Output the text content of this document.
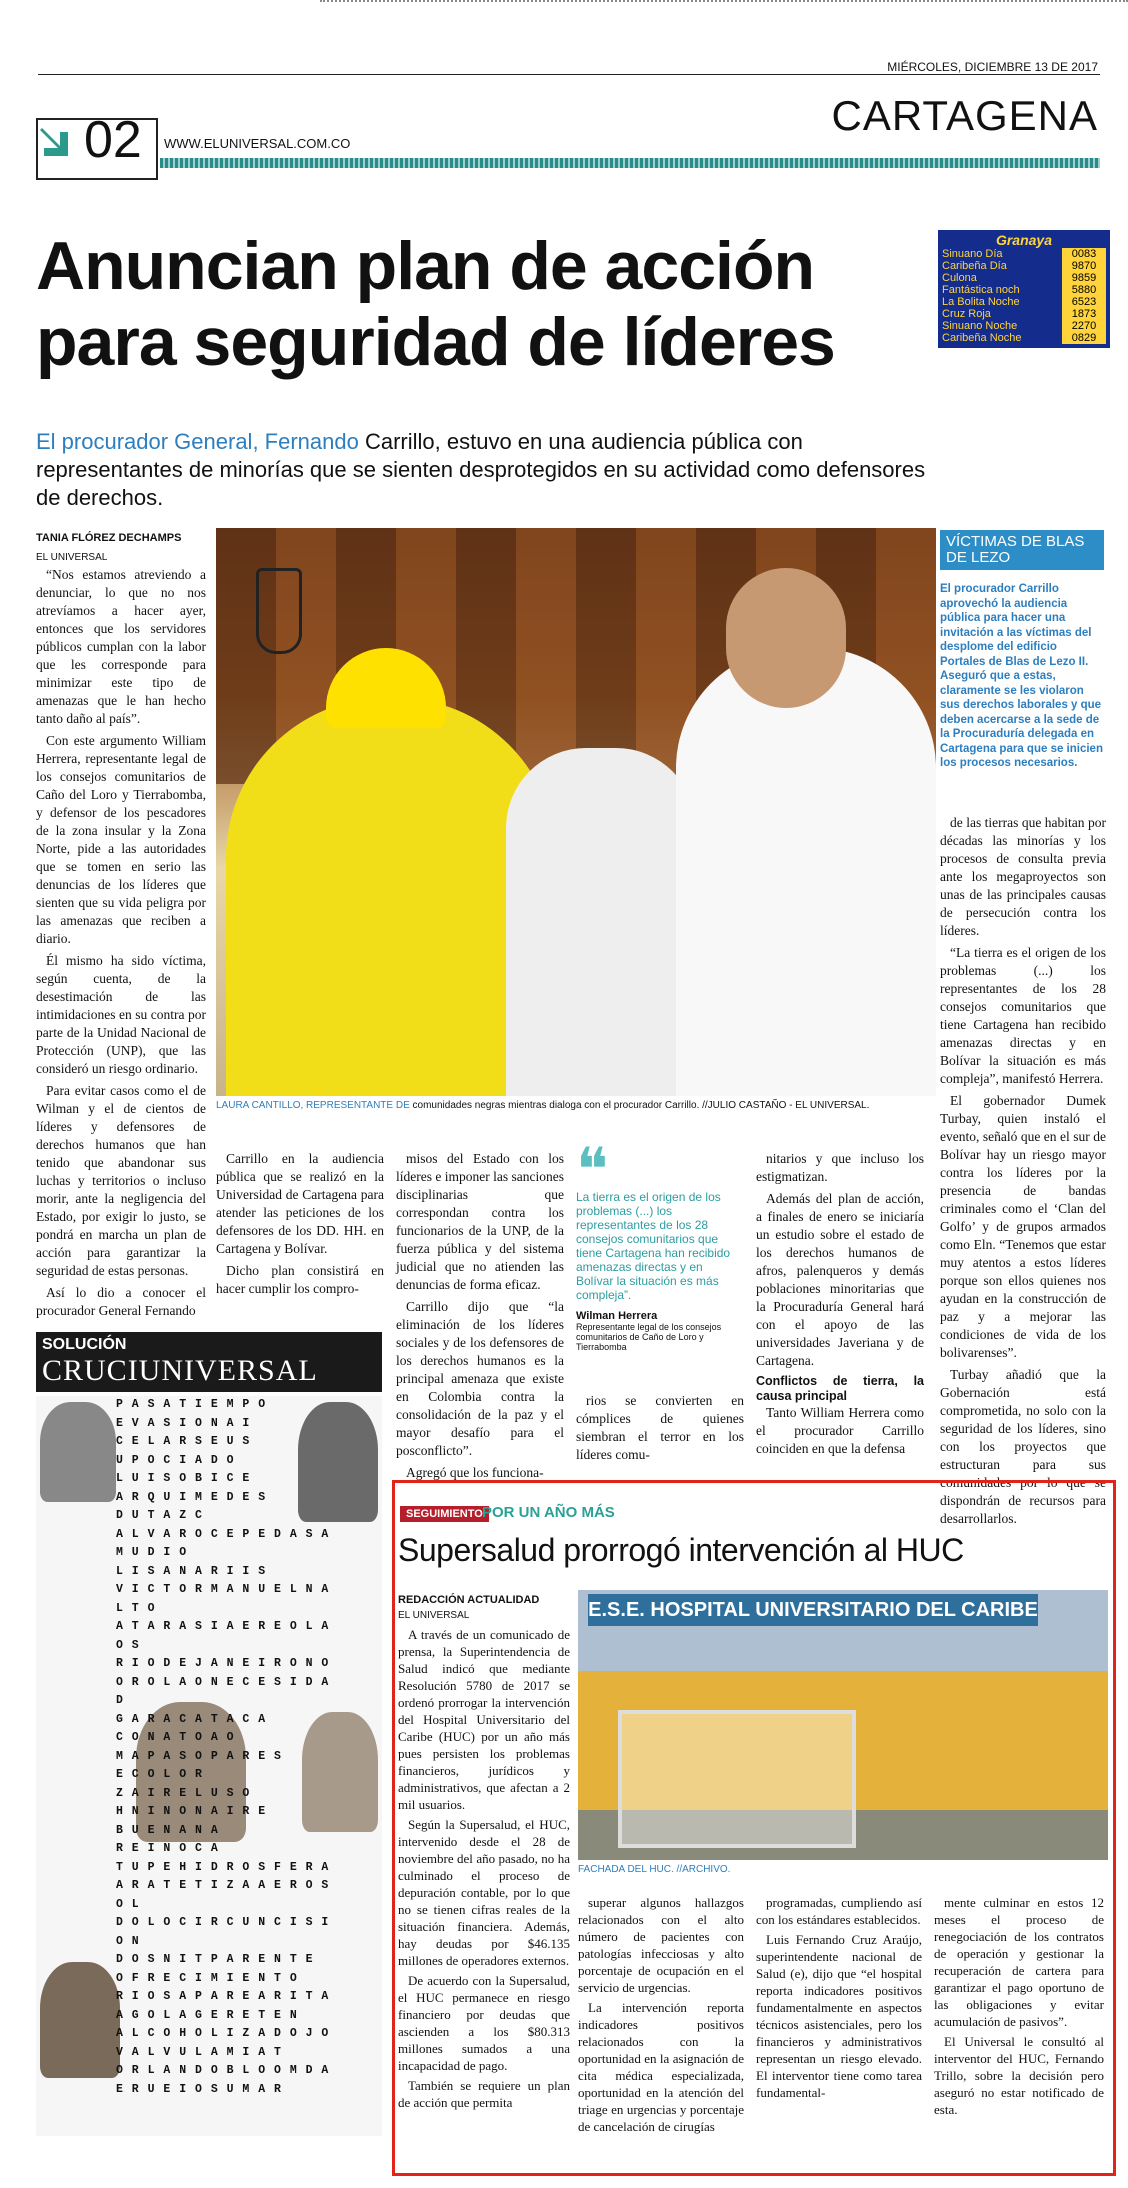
MIÉRCOLES, DICIEMBRE 13 DE 2017
CARTAGENA
02 WWW.ELUNIVERSAL.COM.CO
Anuncian plan de acción
para seguridad de líderes
Granaya
Sinuano Día	0083
Caribeña Día	9870
Culona	9859
Fantástica noch	5880
La Bolita Noche	6523
Cruz Roja	1873
Sinuano Noche	2270
Caribeña Noche	0829
El procurador General, Fernando Carrillo, estuvo en una audiencia pública con representantes de minorías que se sienten desprotegidos en su actividad como defensores de derechos.
TANIA FLÓREZ DECHAMPS
EL UNIVERSAL

“Nos estamos atreviendo a denunciar, lo que no nos atrevíamos a hacer ayer, entonces que los servidores públicos cumplan con la labor que les corresponde para minimizar este tipo de amenazas que le han hecho tanto daño al país”.

Con este argumento William Herrera, representante legal de los consejos comunitarios de Caño del Loro y Tierrabomba, y defensor de los pescadores de la zona insular y la Zona Norte, pide a las autoridades que se tomen en serio las denuncias de los líderes que sienten que su vida peligra por las amenazas que reciben a diario.

Él mismo ha sido víctima, según cuenta, de la desestimación de las intimidaciones en su contra por parte de la Unidad Nacional de Protección (UNP), que las consideró un riesgo ordinario.

Para evitar casos como el de Wilman y el de cientos de líderes y defensores de derechos humanos que han tenido que abandonar sus luchas y territorios o incluso morir, ante la negligencia del Estado, por exigir lo justo, se pondrá en marcha un plan de acción para garantizar la seguridad de estas personas.

Así lo dio a conocer el procurador General Fernando

LAURA CANTILLO, REPRESENTANTE DE comunidades negras mientras dialoga con el procurador Carrillo. //JULIO CASTAÑO - EL UNIVERSAL.
VÍCTIMAS DE BLAS DE LEZO
El procurador Carrillo aprovechó la audiencia pública para hacer una invitación a las víctimas del desplome del edificio Portales de Blas de Lezo II. Aseguró que a estas, claramente se les violaron sus derechos laborales y que deben acercarse a la sede de la Procuraduría delegada en Cartagena para que se inicien los procesos necesarios.

Carrillo en la audiencia pública que se realizó en la Universidad de Cartagena para atender las peticiones de los defensores de los DD. HH. en Cartagena y Bolívar.

Dicho plan consistirá en hacer cumplir los compro-

misos del Estado con los líderes e imponer las sanciones disciplinarias que correspondan contra los funcionarios de la UNP, de la fuerza pública y del sistema judicial que no atienden las denuncias de forma eficaz.

Carrillo dijo que “la eliminación de los líderes sociales y de los defensores de los derechos humanos es la principal amenaza que existe en Colombia contra la consolidación de la paz y el mayor desafío para el posconflicto”.

Agregó que los funciona-

❝
La tierra es el origen de los problemas (...) los representantes de los 28 consejos comunitarios que tiene Cartagena han recibido amenazas directas y en Bolívar la situación es más compleja”.
Wilman Herrera
Representante legal de los consejos comunitarios de Caño de Loro y Tierrabomba

rios se convierten en cómplices de quienes siembran el terror en los líderes comu-

nitarios y que incluso los estigmatizan.

Además del plan de acción, a finales de enero se iniciaría un estudio sobre el estado de los derechos humanos de afros, palenqueros y demás poblaciones minoritarias que la Procuraduría General hará con el apoyo de las universidades Javeriana y de Cartagena.

Conflictos de tierra, la causa principal

Tanto William Herrera como el procurador Carrillo coinciden en que la defensa

de las tierras que habitan por décadas las minorías y los procesos de consulta previa ante los megaproyectos son unas de las principales causas de persecución contra los líderes.

“La tierra es el origen de los problemas (...) los representantes de los 28 consejos comunitarios que tiene Cartagena han recibido amenazas directas y en Bolívar la situación es más compleja”, manifestó Herrera.

El gobernador Dumek Turbay, quien instaló el evento, señaló que en el sur de Bolívar hay un riesgo mayor contra los líderes por la presencia de bandas criminales como el ‘Clan del Golfo’ y de grupos armados como Eln. “Tenemos que estar muy atentos a estos líderes porque son ellos quienes nos ayudan en la construcción de paz y a mejorar las condiciones de vida de los bolivarenses”.

Turbay añadió que la Gobernación está comprometida, no solo con la seguridad de los líderes, sino con los proyectos que estructuran para sus comunidades por lo que se dispondrán de recursos para desarrollarlos.

SOLUCIÓN
CRUCIUNIVERSAL
P A S A T I E M P O
E V A S I O N A I
C E L A R S E U S
U P O C I A D O
L U I S O B I C E
A R Q U I M E D E S
D U T A Z C
A L V A R O C E P E D A S A M U D I O
L I S A N A R I I S
V I C T O R M A N U E L N A L T O
A T A R A S I A E R E O L A O S
R I O D E J A N E I R O N O
O R O L A O N E C E S I D A D
G A R A C A T A C A
C O N A T O A O
M A P A S O P A R E S
E C O L O R
Z A I R E L U S O
H N I N O N A I R E
B U E N A N A
R E I N O C A
T U P E H I D R O S F E R A
A R A T E T I Z A A E R O S O L
D O L O C I R C U N C I S I O N
D O S N I T P A R E N T E
O F R E C I M I E N T O
R I O S A P A R E A R I T A
A G O L A G E R E T E N
A L C O H O L I Z A D O J O
V A L V U L A M I A T
O R L A N D O B L O O M D A
E R U E I O S U M A R
SEGUIMIENTO POR UN AÑO MÁS
Supersalud prorrogó intervención al HUC
REDACCIÓN ACTUALIDAD
EL UNIVERSAL

A través de un comunicado de prensa, la Superintendencia de Salud indicó que mediante Resolución 5780 de 2017 se ordenó prorrogar la intervención del Hospital Universitario del Caribe (HUC) por un año más pues persisten los problemas financieros, jurídicos y administrativos, que afectan a 2 mil usuarios.

Según la Supersalud, el HUC, intervenido desde el 28 de noviembre del año pasado, no ha culminado el proceso de depuración contable, por lo que no se tienen cifras reales de la situación financiera. Además, hay deudas por $46.135 millones de operadores externos.

De acuerdo con la Supersalud, el HUC permanece en riesgo financiero por deudas que ascienden a los $80.313 millones sumados a una incapacidad de pago.

También se requiere un plan de acción que permita

E.S.E. HOSPITAL UNIVERSITARIO DEL CARIBE
FACHADA DEL HUC. //ARCHIVO.

superar algunos hallazgos relacionados con el alto número de pacientes con patologías infecciosas y alto porcentaje de ocupación en el servicio de urgencias.

La intervención reporta indicadores positivos relacionados con la oportunidad en la asignación de cita médica especializada, oportunidad en la atención del triage en urgencias y porcentaje de cancelación de cirugías

programadas, cumpliendo así con los estándares establecidos.

Luis Fernando Cruz Araújo, superintendente nacional de Salud (e), dijo que “el hospital reporta indicadores positivos fundamentalmente en aspectos técnicos asistenciales, pero los financieros y administrativos representan un riesgo elevado. El interventor tiene como tarea fundamental-

mente culminar en estos 12 meses el proceso de renegociación de los contratos de operación y gestionar la recuperación de cartera para garantizar el pago oportuno de las obligaciones y evitar acumulación de pasivos”.

El Universal le consultó al interventor del HUC, Fernando Trillo, sobre la decisión pero aseguró no estar notificado de esta.
